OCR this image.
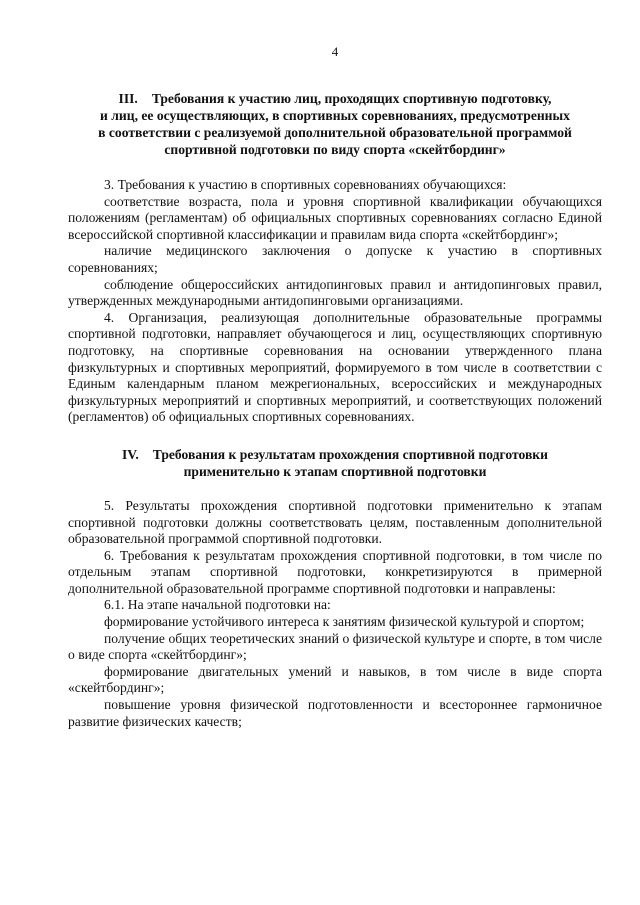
4
III. Требования к участию лиц, проходящих спортивную подготовку,
и лиц, ее осуществляющих, в спортивных соревнованиях, предусмотренных
в соответствии с реализуемой дополнительной образовательной программой
спортивной подготовки по виду спорта «скейтбординг»

3. Требования к участию в спортивных соревнованиях обучающихся:

соответствие возраста, пола и уровня спортивной квалификации обучающихся положениям (регламентам) об официальных спортивных соревнованиях согласно Единой всероссийской спортивной классификации и правилам вида спорта «скейтбординг»;

наличие медицинского заключения о допуске к участию в спортивных соревнованиях;

соблюдение общероссийских антидопинговых правил и антидопинговых правил, утвержденных международными антидопинговыми организациями.

4. Организация, реализующая дополнительные образовательные программы спортивной подготовки, направляет обучающегося и лиц, осуществляющих спортивную подготовку, на спортивные соревнования на основании утвержденного плана физкультурных и спортивных мероприятий, формируемого в том числе в соответствии с Единым календарным планом межрегиональных, всероссийских и международных физкультурных мероприятий и спортивных мероприятий, и соответствующих положений (регламентов) об официальных спортивных соревнованиях.

IV. Требования к результатам прохождения спортивной подготовки
применительно к этапам спортивной подготовки

5. Результаты прохождения спортивной подготовки применительно к этапам спортивной подготовки должны соответствовать целям, поставленным дополнительной образовательной программой спортивной подготовки.

6. Требования к результатам прохождения спортивной подготовки, в том числе по отдельным этапам спортивной подготовки, конкретизируются в примерной дополнительной образовательной программе спортивной подготовки и направлены:

6.1. На этапе начальной подготовки на:

формирование устойчивого интереса к занятиям физической культурой и спортом;

получение общих теоретических знаний о физической культуре и спорте, в том числе о виде спорта «скейтбординг»;

формирование двигательных умений и навыков, в том числе в виде спорта «скейтбординг»;

повышение уровня физической подготовленности и всестороннее гармоничное развитие физических качеств;
